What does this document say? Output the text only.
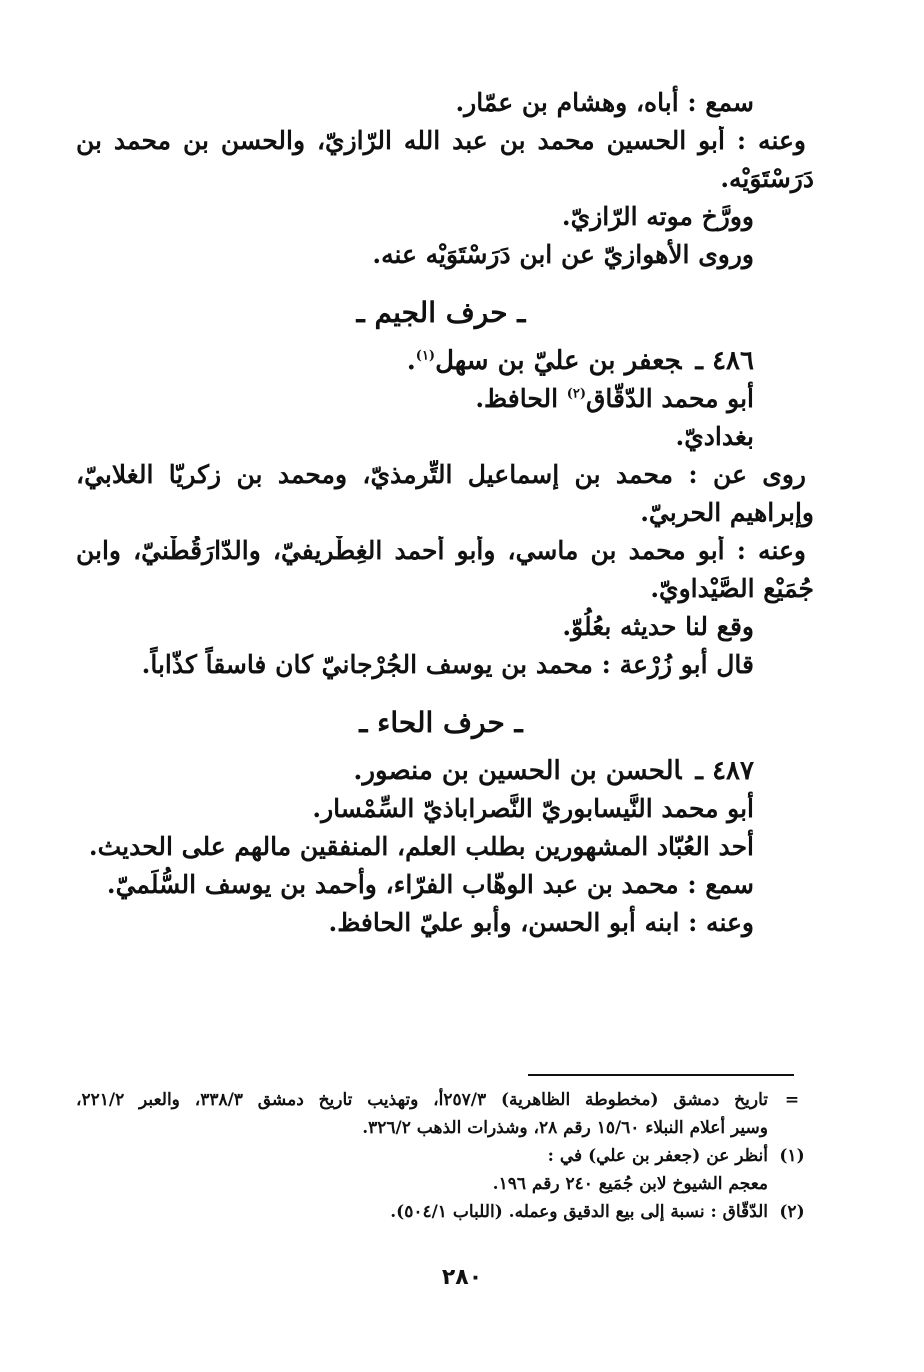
سمع : أباه، وهشام بن عمّار.
وعنه : أبو الحسين محمد بن عبد الله الرّازيّ، والحسن بن محمد بن
دَرَسْتَوَيْه.
وورَّخ موته الرّازيّ.
وروى الأهوازيّ عن ابن دَرَسْتَوَيْه عنه.
ـ حرف الجيم ـ
٤٨٦ ـجعفر بن عليّ بن سهل$^{(١)}$.
أبو محمد الدّقّاق$^{(٢)}$ الحافظ.
بغداديّ.
روى عن : محمد بن إسماعيل التِّرمذيّ، ومحمد بن زكريّا الغلابيّ،
وإبراهيم الحربيّ.
وعنه : أبو محمد بن ماسي، وأبو أحمد الغِطْريفيّ، والدّارَقُطْنيّ، وابن
جُمَيْع الصَّيْداويّ.
وقع لنا حديثه بعُلُوّ.
قال أبو زُرْعة : محمد بن يوسف الجُرْجانيّ كان فاسقاً كذّاباً.
ـ حرف الحاء ـ
٤٨٧ ـالحسن بن الحسين بن منصور.
أبو محمد النَّيسابوريّ النَّصراباذيّ السِّمْسار.
أحد العُبّاد المشهورين بطلب العلم، المنفقين مالهم على الحديث.
سمع : محمد بن عبد الوهّاب الفرّاء، وأحمد بن يوسف السُّلَميّ.
وعنه : ابنه أبو الحسن، وأبو عليّ الحافظ.
=
تاريخ دمشق (مخطوطة الظاهرية) ٢٥٧/٣أ، وتهذيب تاريخ دمشق ٣٣٨/٣، والعبر ٢٢١/٢،
وسير أعلام النبلاء ١٥/٦٠ رقم ٢٨، وشذرات الذهب ٣٢٦/٢.
(١)
أنظر عن (جعفر بن علي) في :
معجم الشيوخ لابن جُمَيع ٢٤٠ رقم ١٩٦.
(٢)
الدّقّاق : نسبة إلى بيع الدقيق وعمله. (اللباب ٥٠٤/١).
٢٨٠
